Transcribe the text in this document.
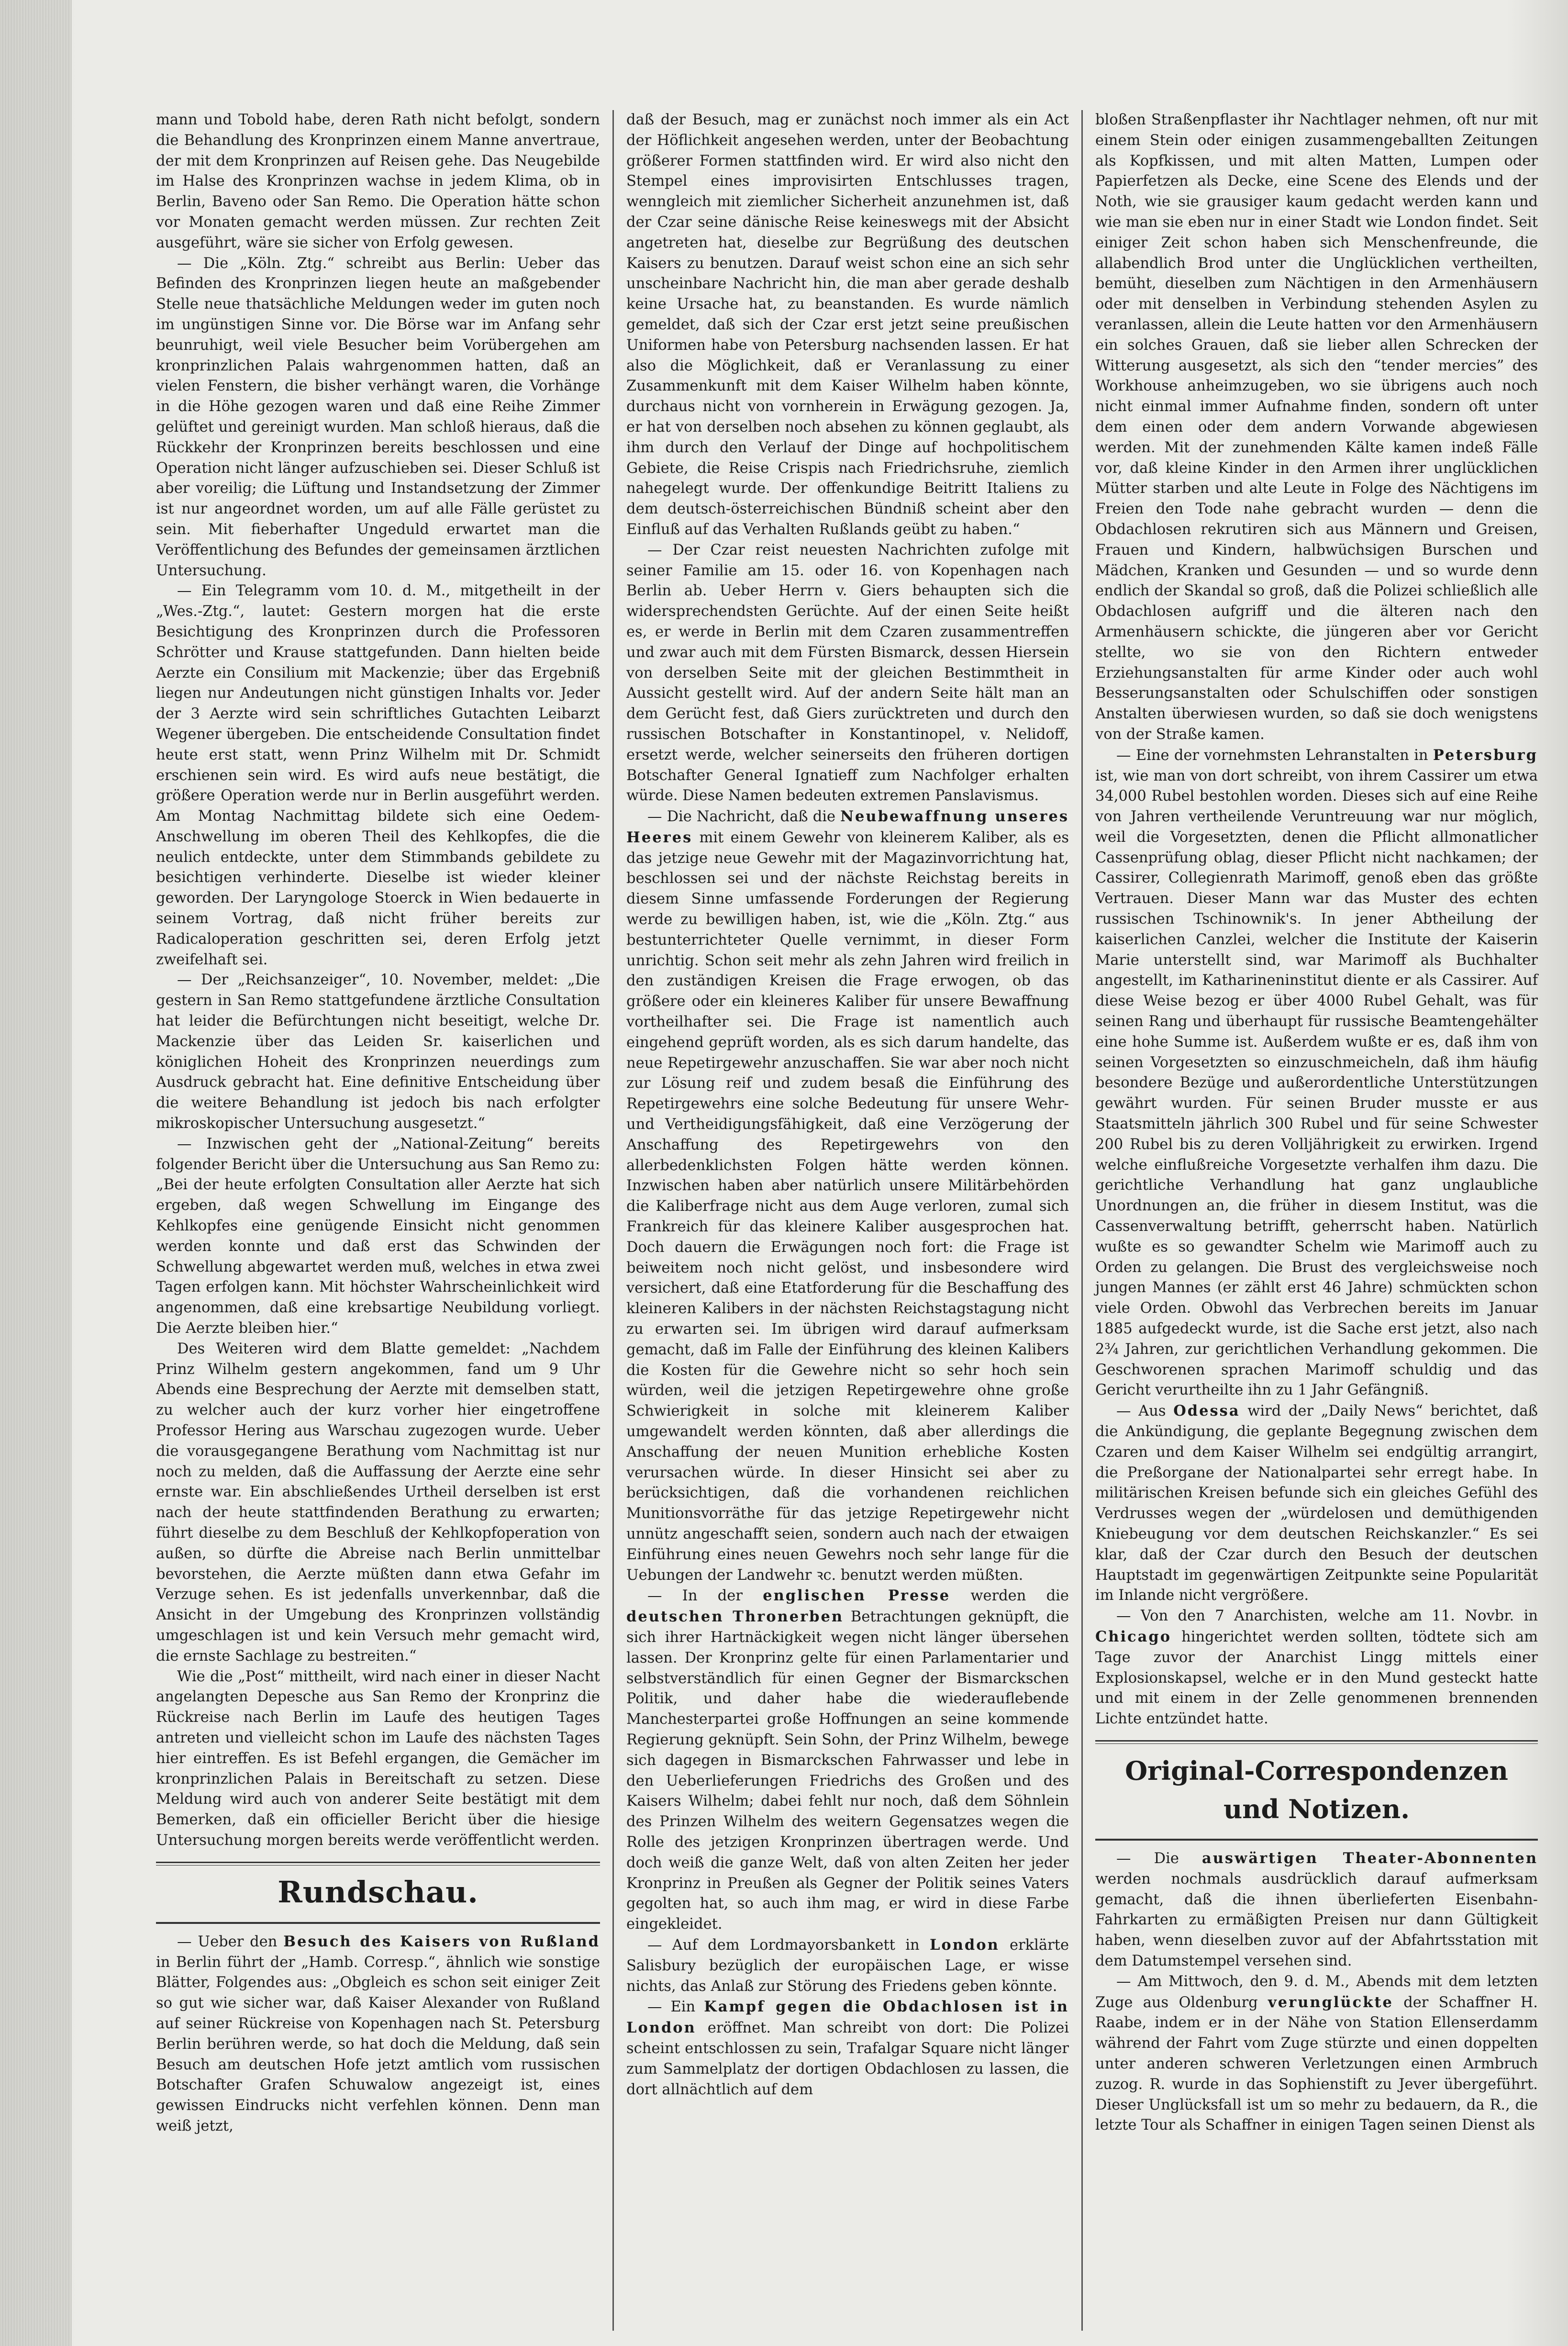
mann und Tobold habe, deren Rath nicht befolgt, sondern die Behandlung des Kronprinzen einem Manne anvertraue, der mit dem Kronprinzen auf Reisen gehe. Das Neugebilde im Halse des Kronprinzen wachse in jedem Klima, ob in Berlin, Baveno oder San Remo. Die Operation hätte schon vor Monaten gemacht werden müssen. Zur rechten Zeit ausgeführt, wäre sie sicher von Erfolg gewesen.

— Die „Köln. Ztg.“ schreibt aus Berlin: Ueber das Befinden des Kronprinzen liegen heute an maßgebender Stelle neue thatsächliche Meldungen weder im guten noch im ungünstigen Sinne vor. Die Börse war im Anfang sehr beunruhigt, weil viele Besucher beim Vorübergehen am kronprinzlichen Palais wahrgenommen hatten, daß an vielen Fenstern, die bisher verhängt waren, die Vorhänge in die Höhe gezogen waren und daß eine Reihe Zimmer gelüftet und gereinigt wurden. Man schloß hieraus, daß die Rückkehr der Kronprinzen bereits beschlossen und eine Operation nicht länger aufzuschieben sei. Dieser Schluß ist aber voreilig; die Lüftung und Instandsetzung der Zimmer ist nur angeordnet worden, um auf alle Fälle gerüstet zu sein. Mit fieberhafter Ungeduld erwartet man die Veröffentlichung des Befundes der gemeinsamen ärztlichen Untersuchung.

— Ein Telegramm vom 10. d. M., mitgetheilt in der „Wes.-Ztg.“, lautet: Gestern morgen hat die erste Besichtigung des Kronprinzen durch die Professoren Schrötter und Krause stattgefunden. Dann hielten beide Aerzte ein Consilium mit Mackenzie; über das Ergebniß liegen nur Andeutungen nicht günstigen Inhalts vor. Jeder der 3 Aerzte wird sein schriftliches Gutachten Leibarzt Wegener übergeben. Die entscheidende Consultation findet heute erst statt, wenn Prinz Wilhelm mit Dr. Schmidt erschienen sein wird. Es wird aufs neue bestätigt, die größere Operation werde nur in Berlin ausgeführt werden. Am Montag Nachmittag bildete sich eine Oedem-Anschwellung im oberen Theil des Kehlkopfes, die die neulich entdeckte, unter dem Stimmbands gebildete zu besichtigen verhinderte. Dieselbe ist wieder kleiner geworden. Der Laryngologe Stoerck in Wien bedauerte in seinem Vortrag, daß nicht früher bereits zur Radicaloperation geschritten sei, deren Erfolg jetzt zweifelhaft sei.

— Der „Reichsanzeiger“, 10. November, meldet: „Die gestern in San Remo stattgefundene ärztliche Consultation hat leider die Befürchtungen nicht beseitigt, welche Dr. Mackenzie über das Leiden Sr. kaiserlichen und königlichen Hoheit des Kronprinzen neuerdings zum Ausdruck gebracht hat. Eine definitive Entscheidung über die weitere Behandlung ist jedoch bis nach erfolgter mikroskopischer Untersuchung ausgesetzt.“

— Inzwischen geht der „National-Zeitung“ bereits folgender Bericht über die Untersuchung aus San Remo zu: „Bei der heute erfolgten Consultation aller Aerzte hat sich ergeben, daß wegen Schwellung im Eingange des Kehlkopfes eine genügende Einsicht nicht genommen werden konnte und daß erst das Schwinden der Schwellung abgewartet werden muß, welches in etwa zwei Tagen erfolgen kann. Mit höchster Wahrscheinlichkeit wird angenommen, daß eine krebsartige Neubildung vorliegt. Die Aerzte bleiben hier.“

Des Weiteren wird dem Blatte gemeldet: „Nachdem Prinz Wilhelm gestern angekommen, fand um 9 Uhr Abends eine Besprechung der Aerzte mit demselben statt, zu welcher auch der kurz vorher hier eingetroffene Professor Hering aus Warschau zugezogen wurde. Ueber die vorausgegangene Berathung vom Nachmittag ist nur noch zu melden, daß die Auffassung der Aerzte eine sehr ernste war. Ein abschließendes Urtheil derselben ist erst nach der heute stattfindenden Berathung zu erwarten; führt dieselbe zu dem Beschluß der Kehlkopfoperation von außen, so dürfte die Abreise nach Berlin unmittelbar bevorstehen, die Aerzte müßten dann etwa Gefahr im Verzuge sehen. Es ist jedenfalls unverkennbar, daß die Ansicht in der Umgebung des Kronprinzen vollständig umgeschlagen ist und kein Versuch mehr gemacht wird, die ernste Sachlage zu bestreiten.“

Wie die „Post“ mittheilt, wird nach einer in dieser Nacht angelangten Depesche aus San Remo der Kronprinz die Rückreise nach Berlin im Laufe des heutigen Tages antreten und vielleicht schon im Laufe des nächsten Tages hier eintreffen. Es ist Befehl ergangen, die Gemächer im kronprinzlichen Palais in Bereitschaft zu setzen. Diese Meldung wird auch von anderer Seite bestätigt mit dem Bemerken, daß ein officieller Bericht über die hiesige Untersuchung morgen bereits werde veröffentlicht werden.

Rundschau.

— Ueber den Besuch des Kaisers von Rußland in Berlin führt der „Hamb. Corresp.“, ähnlich wie sonstige Blätter, Folgendes aus: „Obgleich es schon seit einiger Zeit so gut wie sicher war, daß Kaiser Alexander von Rußland auf seiner Rückreise von Kopenhagen nach St. Petersburg Berlin berühren werde, so hat doch die Meldung, daß sein Besuch am deutschen Hofe jetzt amtlich vom russischen Botschafter Grafen Schuwalow angezeigt ist, eines gewissen Eindrucks nicht verfehlen können. Denn man weiß jetzt,

daß der Besuch, mag er zunächst noch immer als ein Act der Höflichkeit angesehen werden, unter der Beobachtung größerer Formen stattfinden wird. Er wird also nicht den Stempel eines improvisirten Entschlusses tragen, wenngleich mit ziemlicher Sicherheit anzunehmen ist, daß der Czar seine dänische Reise keineswegs mit der Absicht angetreten hat, dieselbe zur Begrüßung des deutschen Kaisers zu benutzen. Darauf weist schon eine an sich sehr unscheinbare Nachricht hin, die man aber gerade deshalb keine Ursache hat, zu beanstanden. Es wurde nämlich gemeldet, daß sich der Czar erst jetzt seine preußischen Uniformen habe von Petersburg nachsenden lassen. Er hat also die Möglichkeit, daß er Veranlassung zu einer Zusammenkunft mit dem Kaiser Wilhelm haben könnte, durchaus nicht von vornherein in Erwägung gezogen. Ja, er hat von derselben noch absehen zu können geglaubt, als ihm durch den Verlauf der Dinge auf hochpolitischem Gebiete, die Reise Crispis nach Friedrichsruhe, ziemlich nahegelegt wurde. Der offenkundige Beitritt Italiens zu dem deutsch-österreichischen Bündniß scheint aber den Einfluß auf das Verhalten Rußlands geübt zu haben.“

— Der Czar reist neuesten Nachrichten zufolge mit seiner Familie am 15. oder 16. von Kopenhagen nach Berlin ab. Ueber Herrn v. Giers behaupten sich die widersprechendsten Gerüchte. Auf der einen Seite heißt es, er werde in Berlin mit dem Czaren zusammentreffen und zwar auch mit dem Fürsten Bismarck, dessen Hiersein von derselben Seite mit der gleichen Bestimmtheit in Aussicht gestellt wird. Auf der andern Seite hält man an dem Gerücht fest, daß Giers zurücktreten und durch den russischen Botschafter in Konstantinopel, v. Nelidoff, ersetzt werde, welcher seinerseits den früheren dortigen Botschafter General Ignatieff zum Nachfolger erhalten würde. Diese Namen bedeuten extremen Panslavismus.

— Die Nachricht, daß die Neubewaffnung unseres Heeres mit einem Gewehr von kleinerem Kaliber, als es das jetzige neue Gewehr mit der Magazinvorrichtung hat, beschlossen sei und der nächste Reichstag bereits in diesem Sinne umfassende Forderungen der Regierung werde zu bewilligen haben, ist, wie die „Köln. Ztg.“ aus bestunterrichteter Quelle vernimmt, in dieser Form unrichtig. Schon seit mehr als zehn Jahren wird freilich in den zuständigen Kreisen die Frage erwogen, ob das größere oder ein kleineres Kaliber für unsere Bewaffnung vortheilhafter sei. Die Frage ist namentlich auch eingehend geprüft worden, als es sich darum handelte, das neue Repetirgewehr anzuschaffen. Sie war aber noch nicht zur Lösung reif und zudem besaß die Einführung des Repetirgewehrs eine solche Bedeutung für unsere Wehr- und Vertheidigungsfähigkeit, daß eine Verzögerung der Anschaffung des Repetirgewehrs von den allerbedenklichsten Folgen hätte werden können. Inzwischen haben aber natürlich unsere Militärbehörden die Kaliberfrage nicht aus dem Auge verloren, zumal sich Frankreich für das kleinere Kaliber ausgesprochen hat. Doch dauern die Erwägungen noch fort: die Frage ist beiweitem noch nicht gelöst, und insbesondere wird versichert, daß eine Etatforderung für die Beschaffung des kleineren Kalibers in der nächsten Reichstagstagung nicht zu erwarten sei. Im übrigen wird darauf aufmerksam gemacht, daß im Falle der Einführung des kleinen Kalibers die Kosten für die Gewehre nicht so sehr hoch sein würden, weil die jetzigen Repetirgewehre ohne große Schwierigkeit in solche mit kleinerem Kaliber umgewandelt werden könnten, daß aber allerdings die Anschaffung der neuen Munition erhebliche Kosten verursachen würde. In dieser Hinsicht sei aber zu berücksichtigen, daß die vorhandenen reichlichen Munitionsvorräthe für das jetzige Repetirgewehr nicht unnütz angeschafft seien, sondern auch nach der etwaigen Einführung eines neuen Gewehrs noch sehr lange für die Uebungen der Landwehr ꝛc. benutzt werden müßten.

— In der englischen Presse werden die deutschen Thronerben Betrachtungen geknüpft, die sich ihrer Hartnäckigkeit wegen nicht länger übersehen lassen. Der Kronprinz gelte für einen Parlamentarier und selbstverständlich für einen Gegner der Bismarckschen Politik, und daher habe die wiederauflebende Manchesterpartei große Hoffnungen an seine kommende Regierung geknüpft. Sein Sohn, der Prinz Wilhelm, bewege sich dagegen in Bismarckschen Fahrwasser und lebe in den Ueberlieferungen Friedrichs des Großen und des Kaisers Wilhelm; dabei fehlt nur noch, daß dem Söhnlein des Prinzen Wilhelm des weitern Gegensatzes wegen die Rolle des jetzigen Kronprinzen übertragen werde. Und doch weiß die ganze Welt, daß von alten Zeiten her jeder Kronprinz in Preußen als Gegner der Politik seines Vaters gegolten hat, so auch ihm mag, er wird in diese Farbe eingekleidet.

— Auf dem Lordmayorsbankett in London erklärte Salisbury bezüglich der europäischen Lage, er wisse nichts, das Anlaß zur Störung des Friedens geben könnte.

— Ein Kampf gegen die Obdachlosen ist in London eröffnet. Man schreibt von dort: Die Polizei scheint entschlossen zu sein, Trafalgar Square nicht länger zum Sammelplatz der dortigen Obdachlosen zu lassen, die dort allnächtlich auf dem

bloßen Straßenpflaster ihr Nachtlager nehmen, oft nur mit einem Stein oder einigen zusammengeballten Zeitungen als Kopfkissen, und mit alten Matten, Lumpen oder Papierfetzen als Decke, eine Scene des Elends und der Noth, wie sie grausiger kaum gedacht werden kann und wie man sie eben nur in einer Stadt wie London findet. Seit einiger Zeit schon haben sich Menschenfreunde, die allabendlich Brod unter die Unglücklichen vertheilten, bemüht, dieselben zum Nächtigen in den Armenhäusern oder mit denselben in Verbindung stehenden Asylen zu veranlassen, allein die Leute hatten vor den Armenhäusern ein solches Grauen, daß sie lieber allen Schrecken der Witterung ausgesetzt, als sich den “tender mercies” des Workhouse anheimzugeben, wo sie übrigens auch noch nicht einmal immer Aufnahme finden, sondern oft unter dem einen oder dem andern Vorwande abgewiesen werden. Mit der zunehmenden Kälte kamen indeß Fälle vor, daß kleine Kinder in den Armen ihrer unglücklichen Mütter starben und alte Leute in Folge des Nächtigens im Freien den Tode nahe gebracht wurden — denn die Obdachlosen rekrutiren sich aus Männern und Greisen, Frauen und Kindern, halbwüchsigen Burschen und Mädchen, Kranken und Gesunden — und so wurde denn endlich der Skandal so groß, daß die Polizei schließlich alle Obdachlosen aufgriff und die älteren nach den Armenhäusern schickte, die jüngeren aber vor Gericht stellte, wo sie von den Richtern entweder Erziehungsanstalten für arme Kinder oder auch wohl Besserungsanstalten oder Schulschiffen oder sonstigen Anstalten überwiesen wurden, so daß sie doch wenigstens von der Straße kamen.

— Eine der vornehmsten Lehranstalten in Petersburg ist, wie man von dort schreibt, von ihrem Cassirer um etwa 34,000 Rubel bestohlen worden. Dieses sich auf eine Reihe von Jahren vertheilende Veruntreuung war nur möglich, weil die Vorgesetzten, denen die Pflicht allmonatlicher Cassenprüfung oblag, dieser Pflicht nicht nachkamen; der Cassirer, Collegienrath Marimoff, genoß eben das größte Vertrauen. Dieser Mann war das Muster des echten russischen Tschinownik's. In jener Abtheilung der kaiserlichen Canzlei, welcher die Institute der Kaiserin Marie unterstellt sind, war Marimoff als Buchhalter angestellt, im Katharineninstitut diente er als Cassirer. Auf diese Weise bezog er über 4000 Rubel Gehalt, was für seinen Rang und überhaupt für russische Beamtengehälter eine hohe Summe ist. Außerdem wußte er es, daß ihm von seinen Vorgesetzten so einzuschmeicheln, daß ihm häufig besondere Bezüge und außerordentliche Unterstützungen gewährt wurden. Für seinen Bruder musste er aus Staatsmitteln jährlich 300 Rubel und für seine Schwester 200 Rubel bis zu deren Volljährigkeit zu erwirken. Irgend welche einflußreiche Vorgesetzte verhalfen ihm dazu. Die gerichtliche Verhandlung hat ganz unglaubliche Unordnungen an, die früher in diesem Institut, was die Cassenverwaltung betrifft, geherrscht haben. Natürlich wußte es so gewandter Schelm wie Marimoff auch zu Orden zu gelangen. Die Brust des vergleichsweise noch jungen Mannes (er zählt erst 46 Jahre) schmückten schon viele Orden. Obwohl das Verbrechen bereits im Januar 1885 aufgedeckt wurde, ist die Sache erst jetzt, also nach 2¾ Jahren, zur gerichtlichen Verhandlung gekommen. Die Geschworenen sprachen Marimoff schuldig und das Gericht verurtheilte ihn zu 1 Jahr Gefängniß.

— Aus Odessa wird der „Daily News“ berichtet, daß die Ankündigung, die geplante Begegnung zwischen dem Czaren und dem Kaiser Wilhelm sei endgültig arrangirt, die Preßorgane der Nationalpartei sehr erregt habe. In militärischen Kreisen befunde sich ein gleiches Gefühl des Verdrusses wegen der „würdelosen und demüthigenden Kniebeugung vor dem deutschen Reichskanzler.“ Es sei klar, daß der Czar durch den Besuch der deutschen Hauptstadt im gegenwärtigen Zeitpunkte seine Popularität im Inlande nicht vergrößere.

— Von den 7 Anarchisten, welche am 11. Novbr. in Chicago hingerichtet werden sollten, tödtete sich am Tage zuvor der Anarchist Lingg mittels einer Explosionskapsel, welche er in den Mund gesteckt hatte und mit einem in der Zelle genommenen brennenden Lichte entzündet hatte.

Original-Correspondenzen und Notizen.

— Die auswärtigen Theater-Abonnenten werden nochmals ausdrücklich darauf aufmerksam gemacht, daß die ihnen überlieferten Eisenbahn-Fahrkarten zu ermäßigten Preisen nur dann Gültigkeit haben, wenn dieselben zuvor auf der Abfahrtsstation mit dem Datumstempel versehen sind.

— Am Mittwoch, den 9. d. M., Abends mit dem letzten Zuge aus Oldenburg verunglückte der Schaffner H. Raabe, indem er in der Nähe von Station Ellenserdamm während der Fahrt vom Zuge stürzte und einen doppelten unter anderen schweren Verletzungen einen Armbruch zuzog. R. wurde in das Sophienstift zu Jever übergeführt. Dieser Unglücksfall ist um so mehr zu bedauern, da R., die letzte Tour als Schaffner in einigen Tagen seinen Dienst als
